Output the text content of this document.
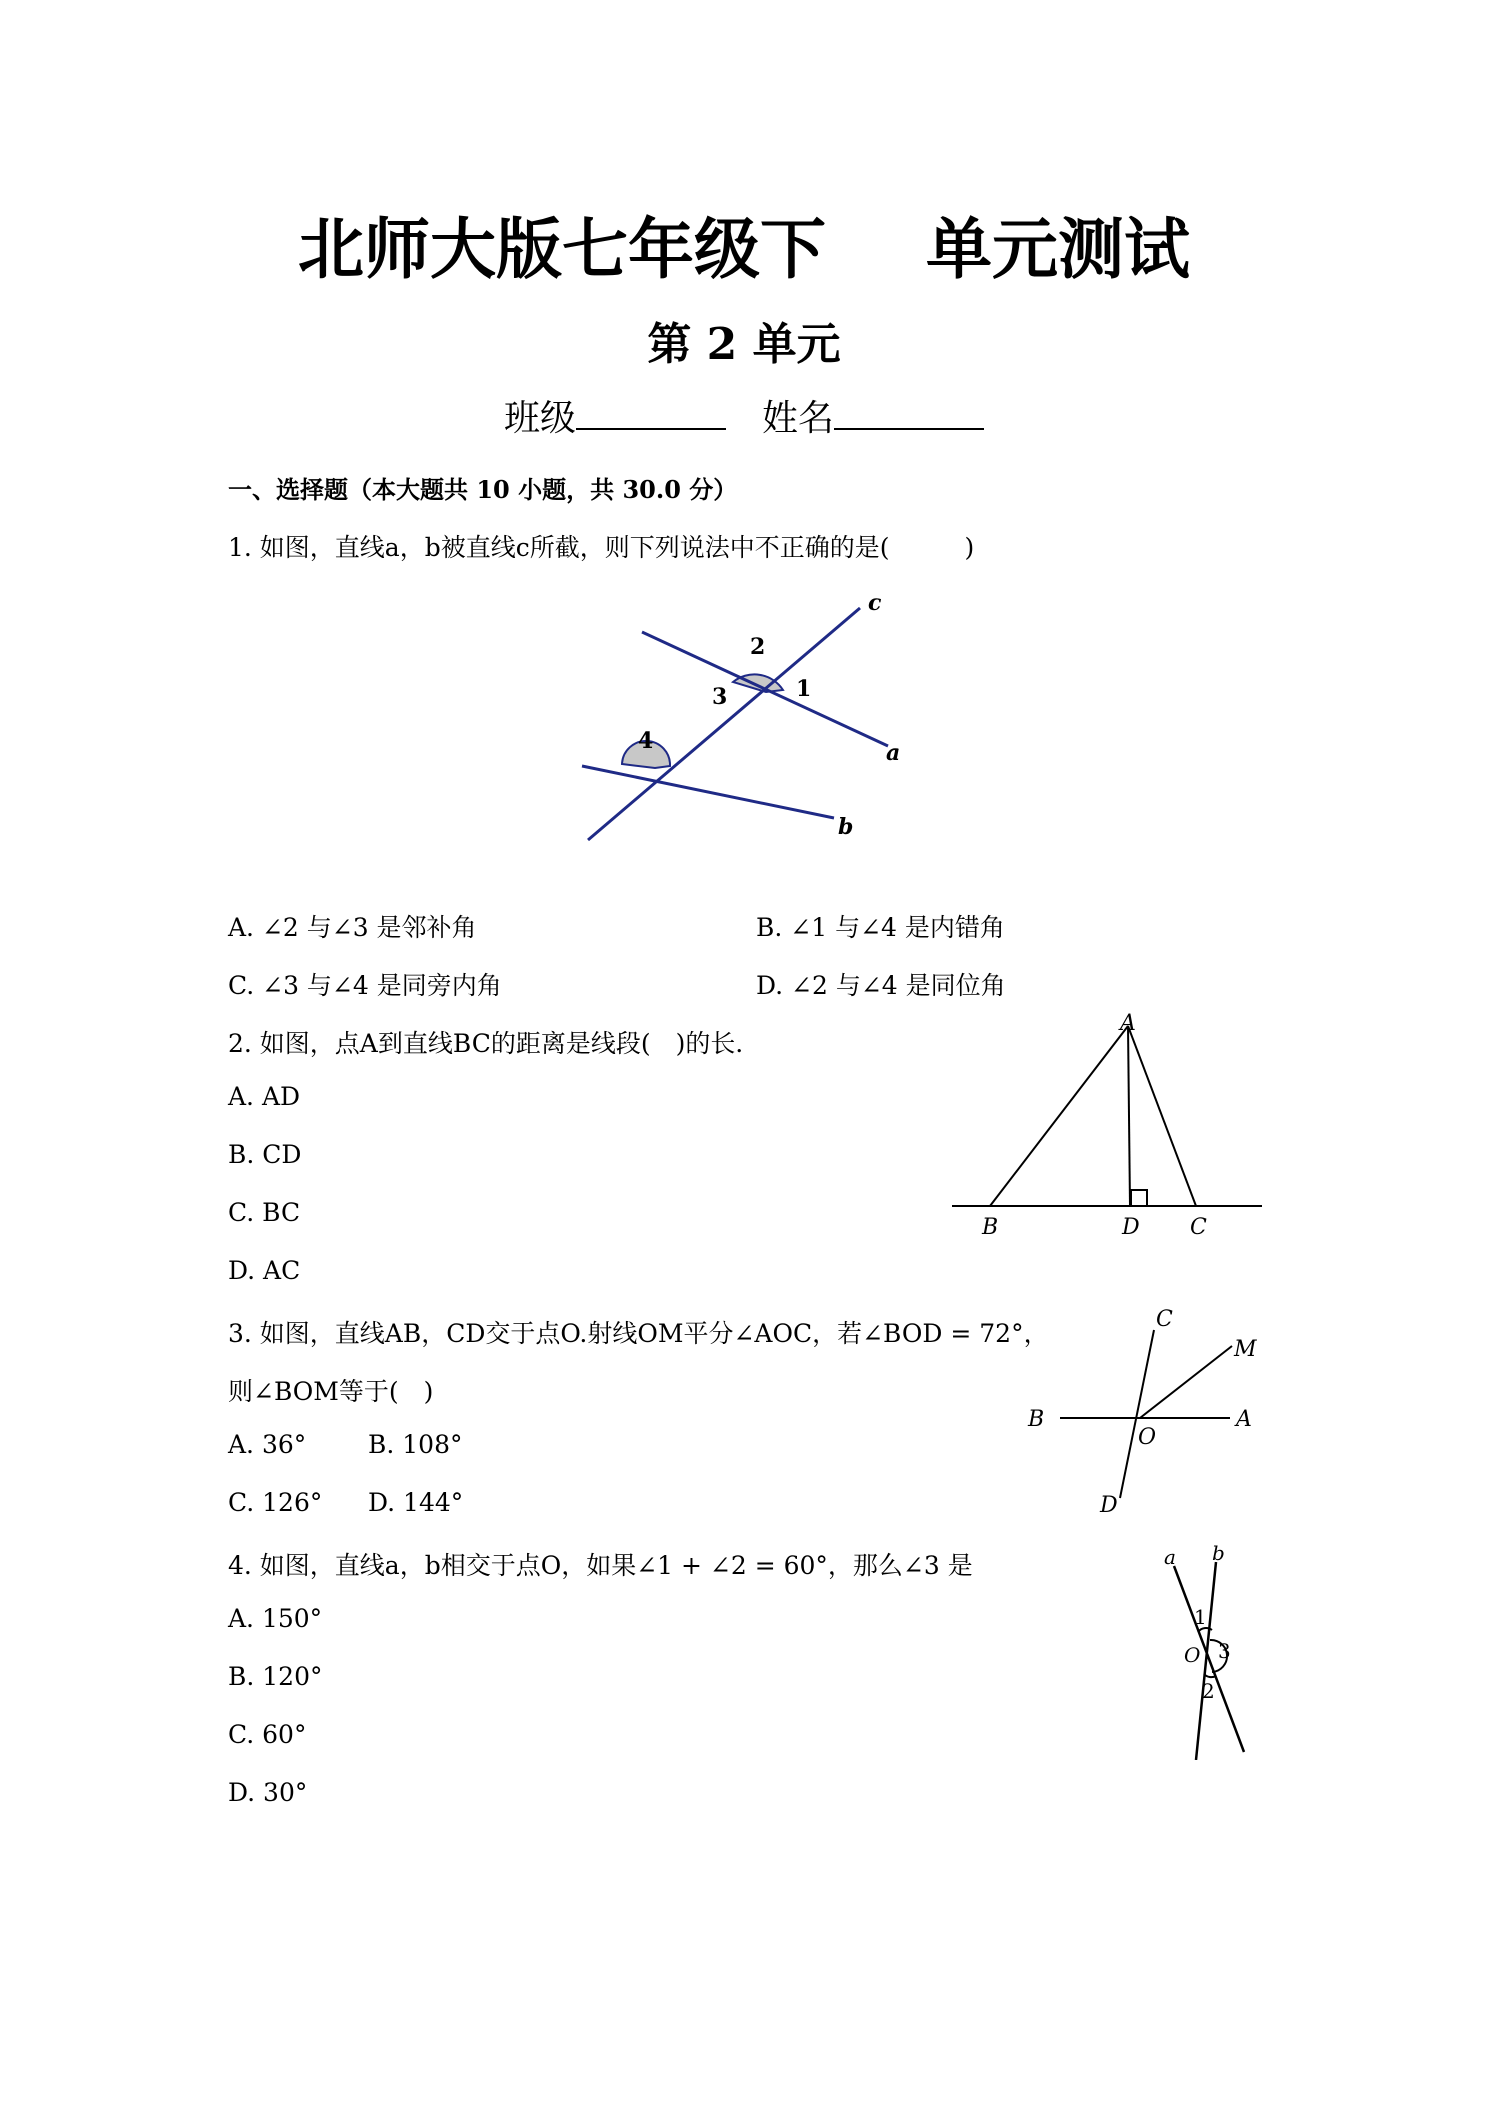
北师大版七年级下 单元测试
第 2 单元
班级	姓名
一、选择题（本大题共 10 小题，共 30.0 分）
1. 如图，直线a，b被直线c所截，则下列说法中不正确的是(　　　)
c
2
3	1
a
4
b
A. ∠2 与∠3 是邻补角	B. ∠1 与∠4 是内错角
C. ∠3 与∠4 是同旁内角	D. ∠2 与∠4 是同位角
2. 如图，点A到直线BC的距离是线段(　)的长．
A
B	D C
A. AD
B. CD
C. BC
D. AC
3. 如图，直线AB，CD交于点O.射线OM平分∠AOC，若∠BOD = 72°，
则∠BOM等于(　)
C
M
B
O
A
D
A. 36° B. 108°
C. 126° D. 144°
4. 如图，直线a，b相交于点O，如果∠1 + ∠2 = 60°，那么∠3 是	a b
1
O 3
2
A. 150°
B. 120°
C. 60°
D. 30°
